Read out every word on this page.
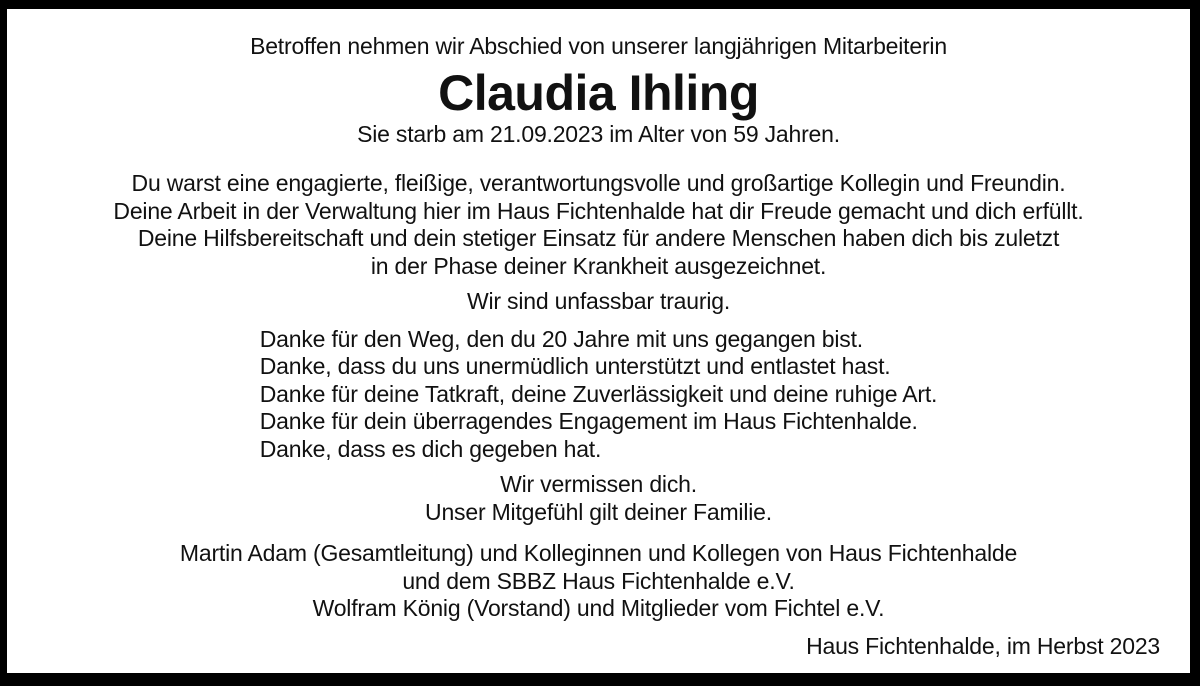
Betroffen nehmen wir Abschied von unserer langjährigen Mitarbeiterin
Claudia Ihling
Sie starb am 21.09.2023 im Alter von 59 Jahren.
Du warst eine engagierte, fleißige, verantwortungsvolle und großartige Kollegin und Freundin.
Deine Arbeit in der Verwaltung hier im Haus Fichtenhalde hat dir Freude gemacht und dich erfüllt.
Deine Hilfsbereitschaft und dein stetiger Einsatz für andere Menschen haben dich bis zuletzt
in der Phase deiner Krankheit ausgezeichnet.
Wir sind unfassbar traurig.
Danke für den Weg, den du 20 Jahre mit uns gegangen bist.
Danke, dass du uns unermüdlich unterstützt und entlastet hast.
Danke für deine Tatkraft, deine Zuverlässigkeit und deine ruhige Art.
Danke für dein überragendes Engagement im Haus Fichtenhalde.
Danke, dass es dich gegeben hat.
Wir vermissen dich.
Unser Mitgefühl gilt deiner Familie.
Martin Adam (Gesamtleitung) und Kolleginnen und Kollegen von Haus Fichtenhalde
und dem SBBZ Haus Fichtenhalde e.V.
Wolfram König (Vorstand) und Mitglieder vom Fichtel e.V.
Haus Fichtenhalde, im Herbst 2023
